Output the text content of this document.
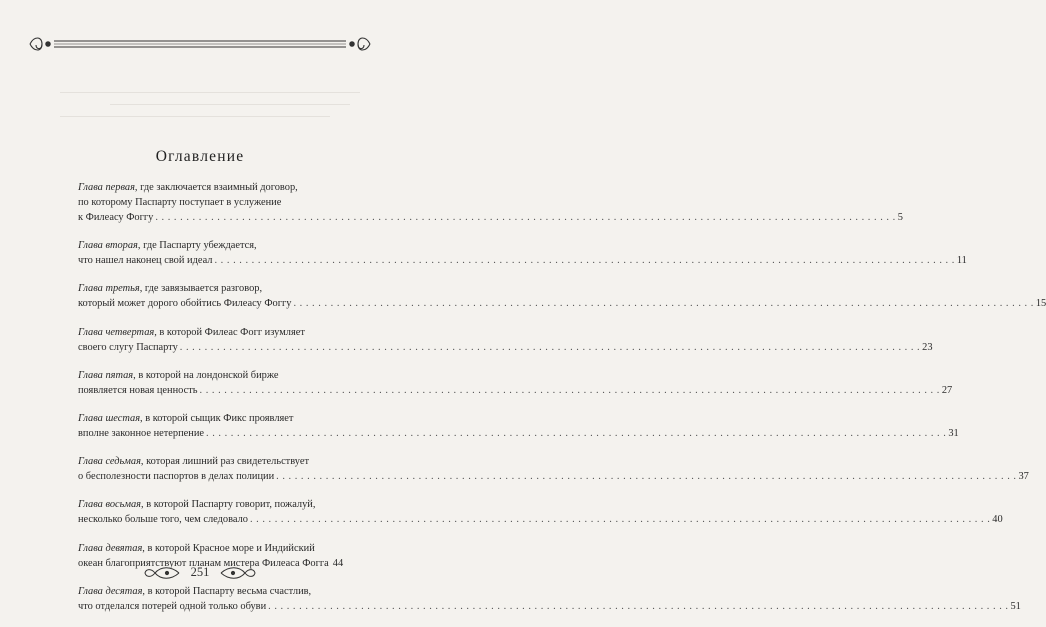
Оглавление
Глава первая, где заключается взаимный договор,
по которому Паспарту поступает в услужение
к Филеасу Фоггу . . . . . . . . . . . . . . . . . . . . . . . . . . . . . . . . . . . . . . . . . . . . . . . . . . . . . . . . . . . . . . . . . . . . . . . . . . . . . . . . . . . . . . . . . . . . . . . . . . . . . . . . . . . . . . . . . . . . . . . . 5
Глава вторая, где Паспарту убеждается,
что нашел наконец свой идеал . . . . . . . . . . . . . . . . . . . . . . . . . . . . . . . . . . . . . . . . . . . . . . . . . . . . . . . . . . . . . . . . . . . . . . . . . . . . . . . . . . . . . . . . . . . . . . . . . . . . . . . . . . . . . . . . . . . . . . . . 11
Глава третья, где завязывается разговор,
который может дорого обойтись Филеасу Фоггу . . . . . . . . . . . . . . . . . . . . . . . . . . . . . . . . . . . . . . . . . . . . . . . . . . . . . . . . . . . . . . . . . . . . . . . . . . . . . . . . . . . . . . . . . . . . . . . . . . . . . . . . . . . . . . . . . . . . . . . . 15
Глава четвертая, в которой Филеас Фогг изумляет
своего слугу Паспарту . . . . . . . . . . . . . . . . . . . . . . . . . . . . . . . . . . . . . . . . . . . . . . . . . . . . . . . . . . . . . . . . . . . . . . . . . . . . . . . . . . . . . . . . . . . . . . . . . . . . . . . . . . . . . . . . . . . . . . . . 23
Глава пятая, в которой на лондонской бирже
появляется новая ценность . . . . . . . . . . . . . . . . . . . . . . . . . . . . . . . . . . . . . . . . . . . . . . . . . . . . . . . . . . . . . . . . . . . . . . . . . . . . . . . . . . . . . . . . . . . . . . . . . . . . . . . . . . . . . . . . . . . . . . . . 27
Глава шестая, в которой сыщик Фикс проявляет
вполне законное нетерпение . . . . . . . . . . . . . . . . . . . . . . . . . . . . . . . . . . . . . . . . . . . . . . . . . . . . . . . . . . . . . . . . . . . . . . . . . . . . . . . . . . . . . . . . . . . . . . . . . . . . . . . . . . . . . . . . . . . . . . . . 31
Глава седьмая, которая лишний раз свидетельствует
о бесполезности паспортов в делах полиции . . . . . . . . . . . . . . . . . . . . . . . . . . . . . . . . . . . . . . . . . . . . . . . . . . . . . . . . . . . . . . . . . . . . . . . . . . . . . . . . . . . . . . . . . . . . . . . . . . . . . . . . . . . . . . . . . . . . . . . . 37
Глава восьмая, в которой Паспарту говорит, пожалуй,
несколько больше того, чем следовало . . . . . . . . . . . . . . . . . . . . . . . . . . . . . . . . . . . . . . . . . . . . . . . . . . . . . . . . . . . . . . . . . . . . . . . . . . . . . . . . . . . . . . . . . . . . . . . . . . . . . . . . . . . . . . . . . . . . . . . . 40
Глава девятая, в которой Красное море и Индийский
океан благоприятствуют планам мистера Филеаса Фогга 44
Глава десятая, в которой Паспарту весьма счастлив,
что отделался потерей одной только обуви . . . . . . . . . . . . . . . . . . . . . . . . . . . . . . . . . . . . . . . . . . . . . . . . . . . . . . . . . . . . . . . . . . . . . . . . . . . . . . . . . . . . . . . . . . . . . . . . . . . . . . . . . . . . . . . . . . . . . . . . 51
251
